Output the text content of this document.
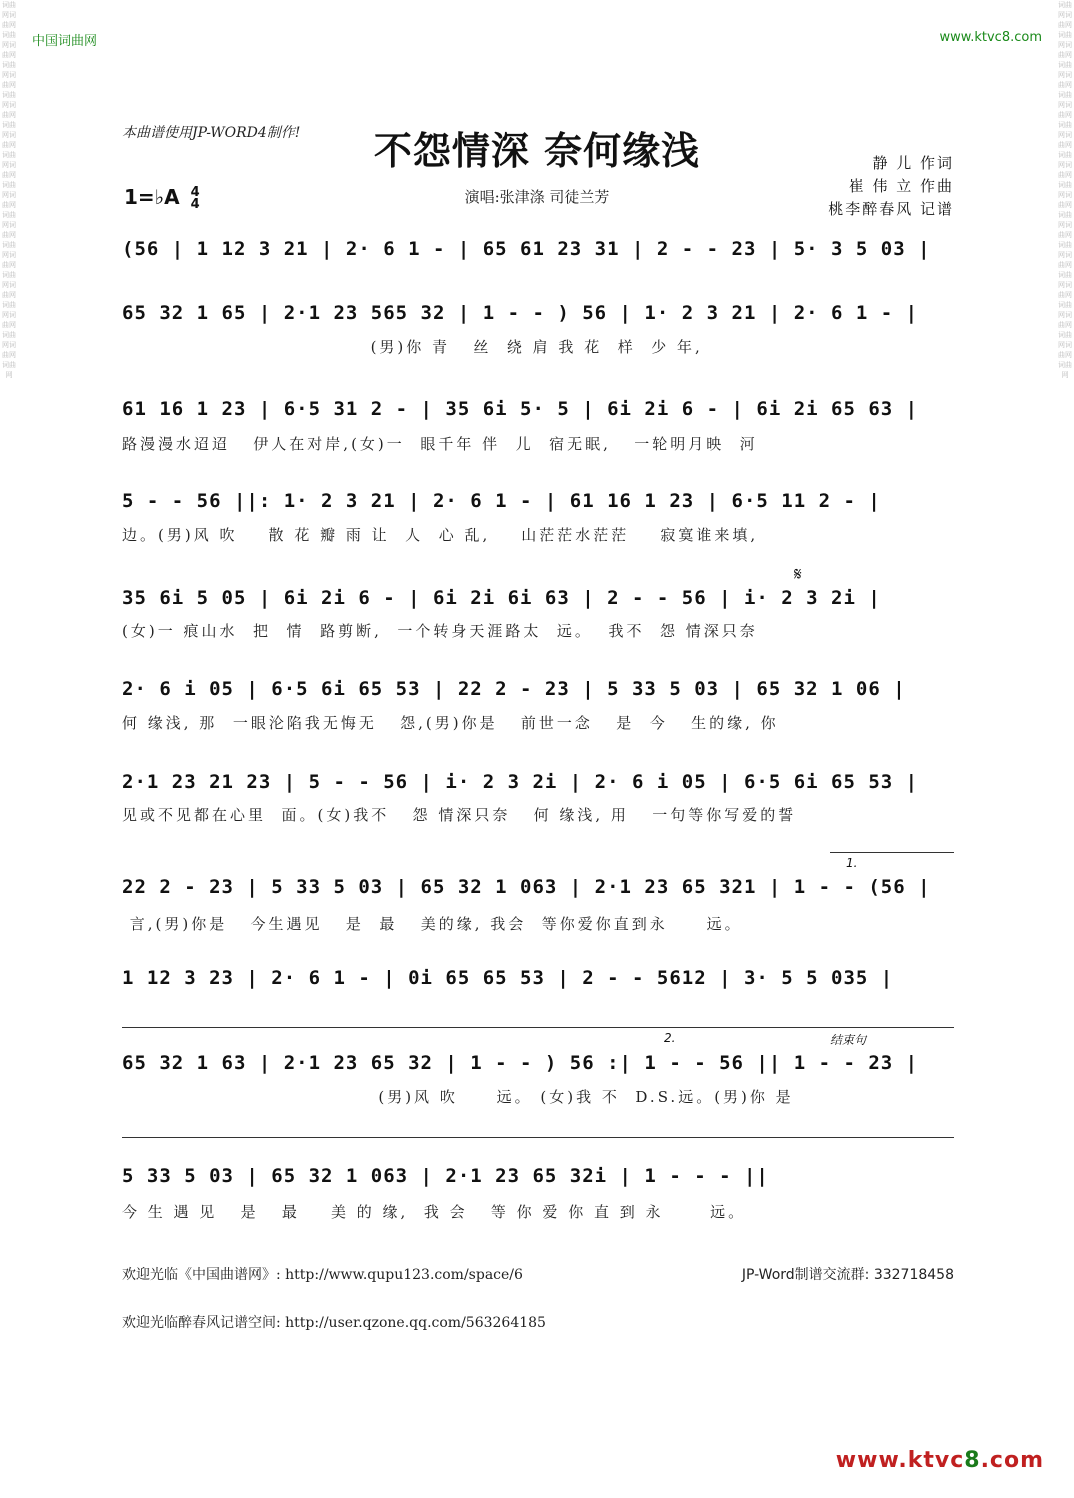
词曲网词曲网词曲网词曲网词曲网词曲网词曲网词曲网词曲网词曲网词曲网词曲网词曲网词曲网词曲网词曲网词曲网词曲网词曲网词曲网词曲网词曲网词曲网词曲网词曲网
词曲网词曲网词曲网词曲网词曲网词曲网词曲网词曲网词曲网词曲网词曲网词曲网词曲网词曲网词曲网词曲网词曲网词曲网词曲网词曲网词曲网词曲网词曲网词曲网词曲网
中国词曲网	www.ktvc8.com
本曲谱使用JP-WORD4制作!	不怨情深 奈何缘浅	静 儿 作词
崔 伟 立 作曲
桃李醉春风 记谱
1=♭A 4
4	演唱:张津涤 司徒兰芳
(56 | 1 12 3 21 | 2· 6 1 - | 65 61 23 31 | 2 - - 23 | 5· 3 5 03 |
65 32 1 65 | 2·1 23 565 32 | 1 - - ) 56 | 1· 2 3 21 | 2· 6 1 - |
(男)你 青   丝  绕 肩 我 花  样  少 年,
61 16 1 23 | 6·5 31 2 - | 35 6i 5· 5 | 6i 2i 6 - | 6i 2i 65 63 |
路漫漫水迢迢   伊人在对岸,(女)一  眼千年 伴  儿  宿无眠,   一轮明月映  河
5 - - 56 ||: 1· 2 3 21 | 2· 6 1 - | 61 16 1 23 | 6·5 11 2 - |
边。(男)风 吹    散 花 瓣 雨 让  人  心 乱,    山茫茫水茫茫    寂寞谁来填,
𝄋
35 6i 5 05 | 6i 2i 6 - | 6i 2i 6i 63 | 2 - - 56 | i· 2 3 2i |
(女)一 痕山水  把  情  路剪断,  一个转身天涯路太  远。  我不  怨 情深只奈
2· 6 i 05 | 6·5 6i 65 53 | 22 2 - 23 | 5 33 5 03 | 65 32 1 06 |
何 缘浅, 那  一眼沦陷我无悔无   怨,(男)你是   前世一念   是  今   生的缘, 你
2·1 23 21 23 | 5 - - 56 | i· 2 3 2i | 2· 6 i 05 | 6·5 6i 65 53 |
见或不见都在心里  面。(女)我不   怨 情深只奈   何 缘浅, 用   一句等你写爱的誓
1.
22 2 - 23 | 5 33 5 03 | 65 32 1 063 | 2·1 23 65 321 | 1 - - (56 |
言,(男)你是   今生遇见   是  最   美的缘, 我会  等你爱你直到永     远。
1 12 3 23 | 2· 6 1 - | 0i 65 65 53 | 2 - - 5612 | 3· 5 5 035 |
2.	结束句
65 32 1 63 | 2·1 23 65 32 | 1 - - ) 56 :| 1 - - 56 || 1 - - 23 |
(男)风 吹     远。 (女)我 不  D.S.远。(男)你 是
5 33 5 03 | 65 32 1 063 | 2·1 23 65 32i | 1 - - - ||
今 生 遇 见   是   最    美 的 缘,  我 会   等 你 爱 你 直 到 永      远。
欢迎光临《中国曲谱网》: http://www.qupu123.com/space/6	JP-Word制谱交流群: 332718458
欢迎光临醉春风记谱空间: http://user.qzone.qq.com/563264185
www.ktvc8.com
